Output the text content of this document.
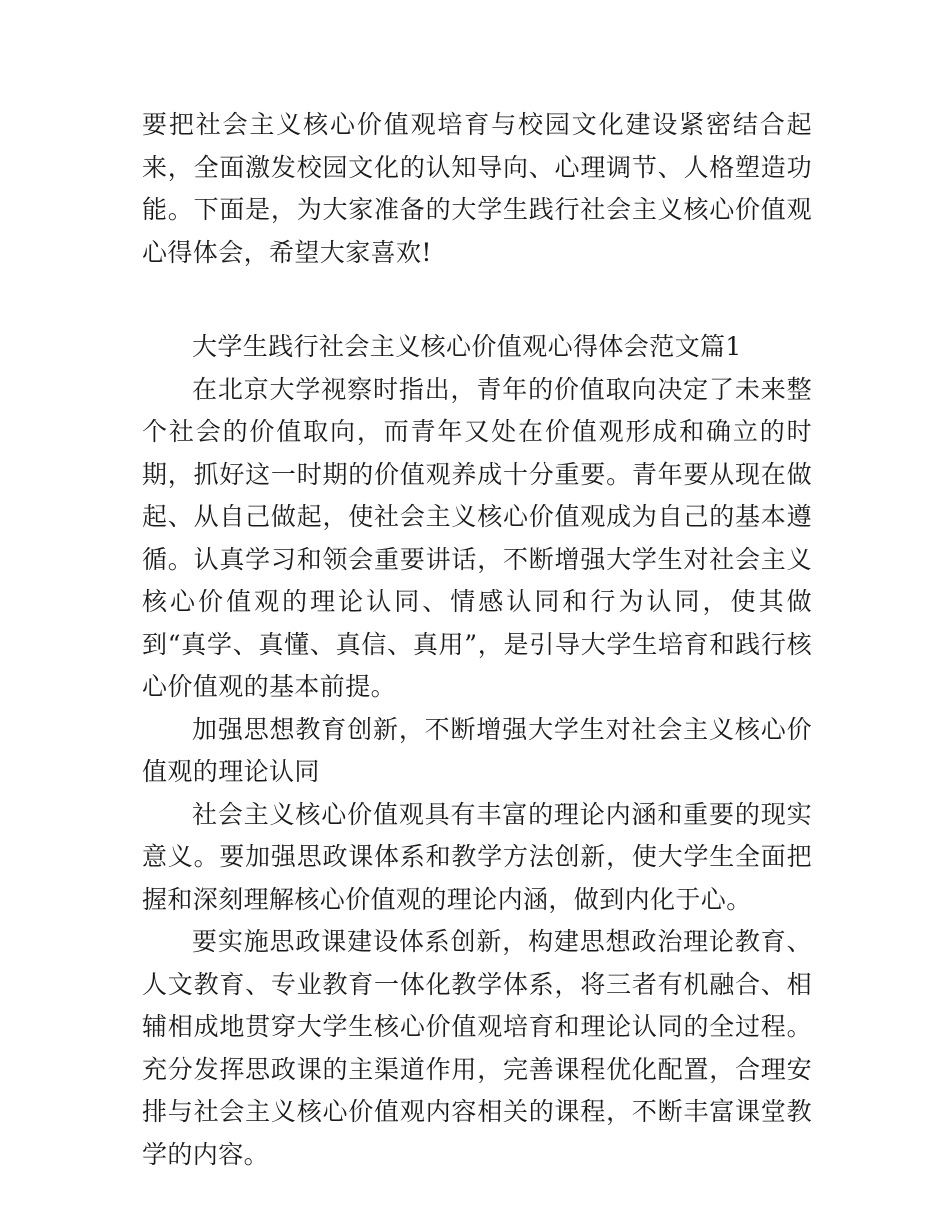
要把社会主义核心价值观培育与校园文化建设紧密结合起来，全面激发校园文化的认知导向、心理调节、人格塑造功能。下面是，为大家准备的大学生践行社会主义核心价值观心得体会，希望大家喜欢!

大学生践行社会主义核心价值观心得体会范文篇1

在北京大学视察时指出，青年的价值取向决定了未来整个社会的价值取向，而青年又处在价值观形成和确立的时期，抓好这一时期的价值观养成十分重要。青年要从现在做起、从自己做起，使社会主义核心价值观成为自己的基本遵循。认真学习和领会重要讲话，不断增强大学生对社会主义核心价值观的理论认同、情感认同和行为认同，使其做到“真学、真懂、真信、真用”，是引导大学生培育和践行核心价值观的基本前提。

加强思想教育创新，不断增强大学生对社会主义核心价值观的理论认同

社会主义核心价值观具有丰富的理论内涵和重要的现实意义。要加强思政课体系和教学方法创新，使大学生全面把握和深刻理解核心价值观的理论内涵，做到内化于心。

要实施思政课建设体系创新，构建思想政治理论教育、人文教育、专业教育一体化教学体系，将三者有机融合、相辅相成地贯穿大学生核心价值观培育和理论认同的全过程。充分发挥思政课的主渠道作用，完善课程优化配置，合理安排与社会主义核心价值观内容相关的课程，不断丰富课堂教学的内容。
